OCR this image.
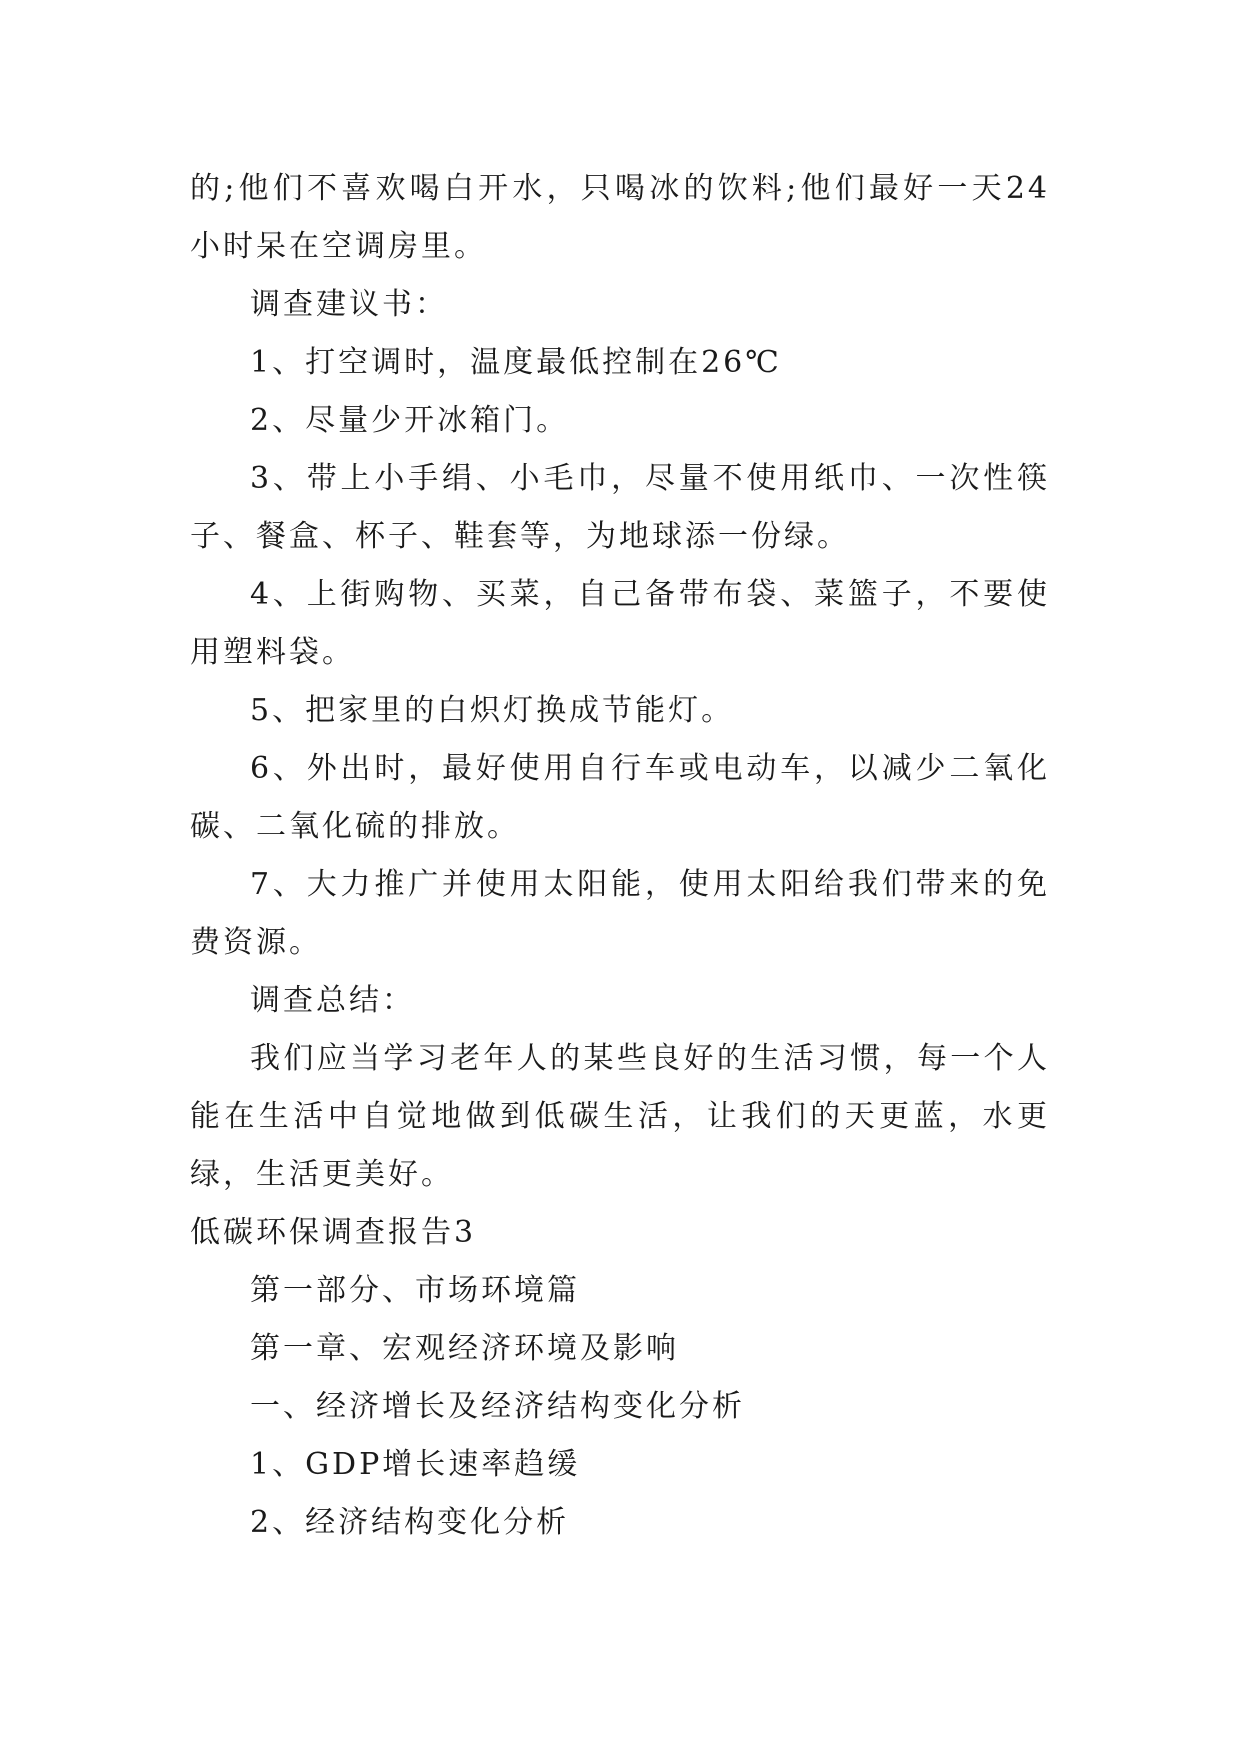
的;他们不喜欢喝白开水，只喝冰的饮料;他们最好一天24小时呆在空调房里。

调查建议书：

1、打空调时，温度最低控制在26℃

2、尽量少开冰箱门。

3、带上小手绢、小毛巾，尽量不使用纸巾、一次性筷子、餐盒、杯子、鞋套等，为地球添一份绿。

4、上街购物、买菜，自己备带布袋、菜篮子，不要使用塑料袋。

5、把家里的白炽灯换成节能灯。

6、外出时，最好使用自行车或电动车，以减少二氧化碳、二氧化硫的排放。

7、大力推广并使用太阳能，使用太阳给我们带来的免费资源。

调查总结：

我们应当学习老年人的某些良好的生活习惯，每一个人能在生活中自觉地做到低碳生活，让我们的天更蓝，水更绿，生活更美好。

低碳环保调查报告3

第一部分、市场环境篇

第一章、宏观经济环境及影响

一、经济增长及经济结构变化分析

1、GDP增长速率趋缓

2、经济结构变化分析
